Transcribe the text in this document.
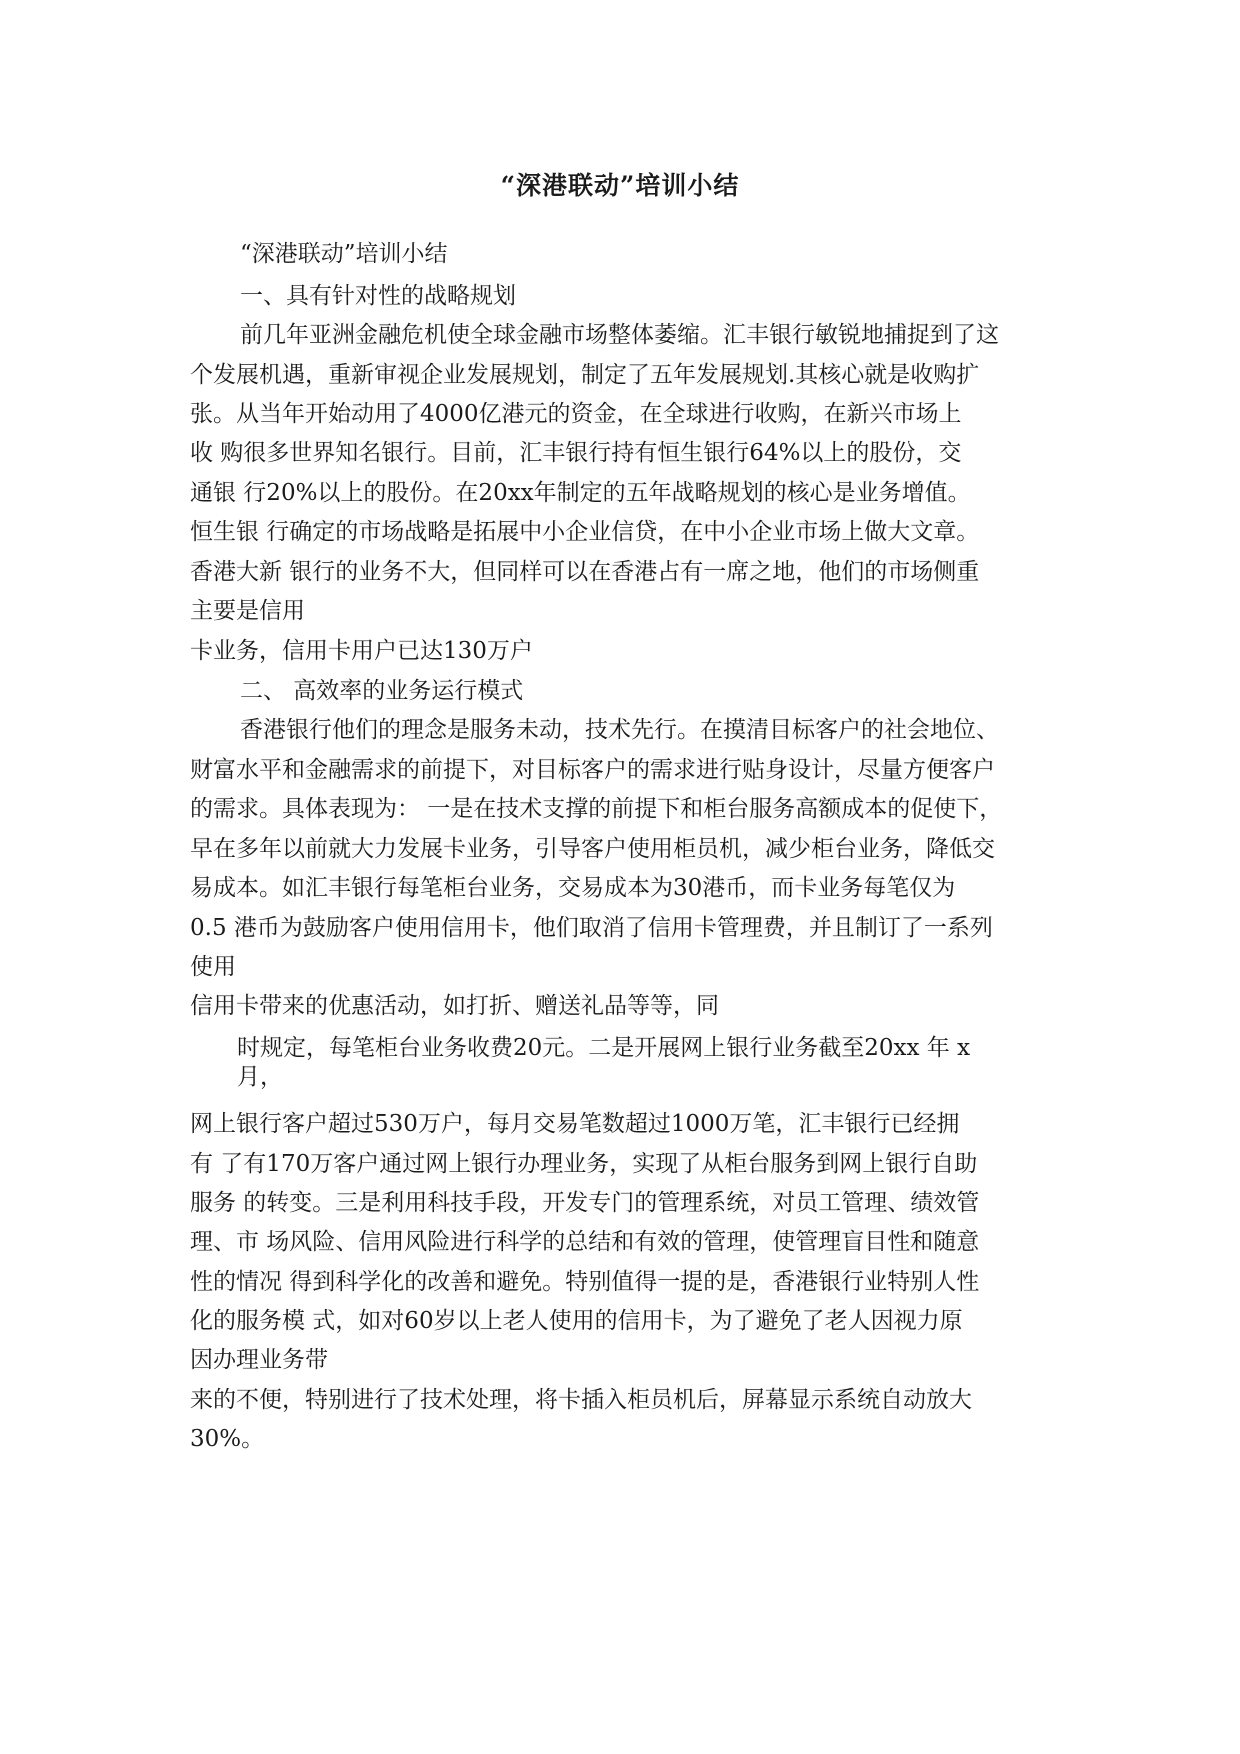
“深港联动”培训小结
“深港联动”培训小结
一、具有针对性的战略规划
前几年亚洲金融危机使全球金融市场整体萎缩。汇丰银行敏锐地捕捉到了这
个发展机遇，重新审视企业发展规划，制定了五年发展规划.其核心就是收购扩
张。从当年开始动用了4000亿港元的资金，在全球进行收购，在新兴市场上
收 购很多世界知名银行。目前，汇丰银行持有恒生银行64%以上的股份，交
通银 行20%以上的股份。在20xx年制定的五年战略规划的核心是业务增值。
恒生银 行确定的市场战略是拓展中小企业信贷，在中小企业市场上做大文章。
香港大新 银行的业务不大，但同样可以在香港占有一席之地，他们的市场侧重
主要是信用
卡业务，信用卡用户已达130万户
二、 高效率的业务运行模式
香港银行他们的理念是服务未动，技术先行。在摸清目标客户的社会地位、
财富水平和金融需求的前提下，对目标客户的需求进行贴身设计，尽量方便客户
的需求。具体表现为： 一是在技术支撑的前提下和柜台服务高额成本的促使下，
早在多年以前就大力发展卡业务，引导客户使用柜员机，减少柜台业务，降低交
易成本。如汇丰银行每笔柜台业务，交易成本为30港币，而卡业务每笔仅为
0.5 港币为鼓励客户使用信用卡，他们取消了信用卡管理费，并且制订了一系列
使用
信用卡带来的优惠活动，如打折、赠送礼品等等，同
时规定，每笔柜台业务收费20元。二是开展网上银行业务截至20xx 年 x
月，
网上银行客户超过530万户，每月交易笔数超过1000万笔，汇丰银行已经拥
有 了有170万客户通过网上银行办理业务，实现了从柜台服务到网上银行自助
服务 的转变。三是利用科技手段，开发专门的管理系统，对员工管理、绩效管
理、市 场风险、信用风险进行科学的总结和有效的管理，使管理盲目性和随意
性的情况 得到科学化的改善和避免。特别值得一提的是，香港银行业特别人性
化的服务模 式，如对60岁以上老人使用的信用卡，为了避免了老人因视力原
因办理业务带
来的不便，特别进行了技术处理，将卡插入柜员机后，屏幕显示系统自动放大
30%。
